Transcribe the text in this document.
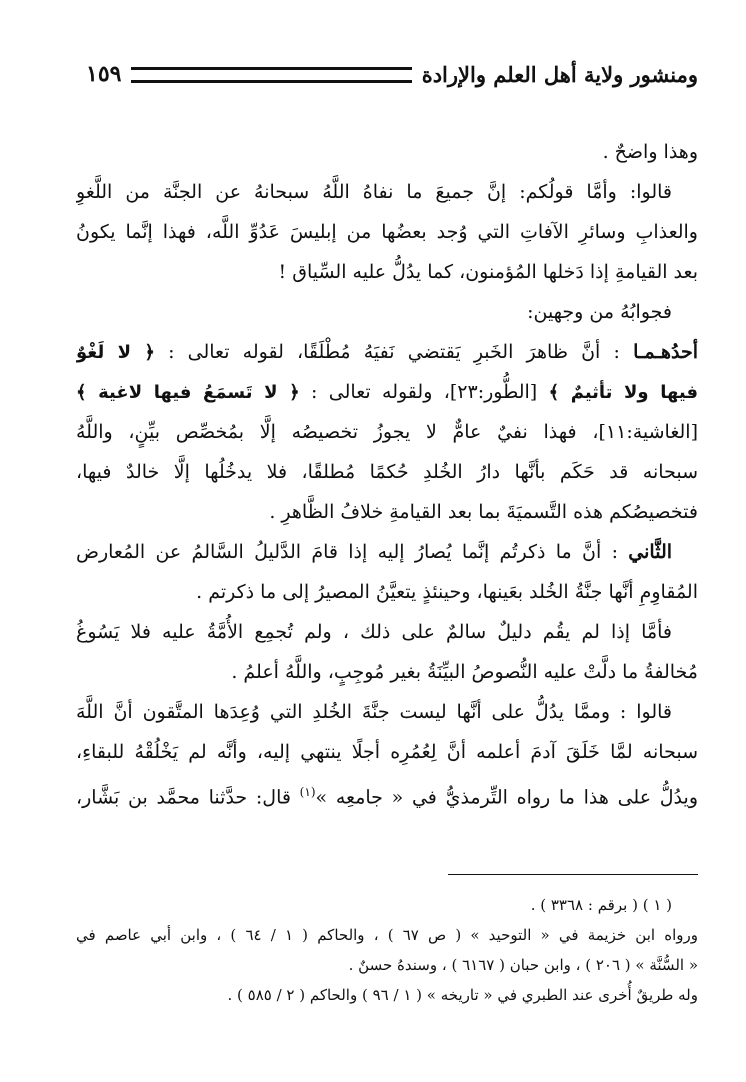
ومنشور ولاية أهل العلم والإرادة
١٥٩
وهذا واضحٌ .
قالوا: وأمَّا قولُكم: إنَّ جميعَ ما نفاهُ اللَّهُ سبحانهُ عن الجنَّة من اللَّغوِ
والعذابِ وسائرِ الآفاتِ التي وُجد بعضُها من إبليسَ عَدُوِّ اللَّه، فهذا إنَّما يكونُ
بعد القيامةِ إذا دَخلها المُؤمنون، كما يدُلُّ عليه السِّياق !
فجوابُهُ من وجهين:
أحدُهـمـا : أنَّ ظاهرَ الخَبرِ يَقتضي نَفيَهُ مُطْلَقًا، لقوله تعالى : ﴿ لا لَغْوٌ
فيها ولا تأثيمٌ ﴾ [الطُّور:٢٣]، ولقوله تعالى : ﴿ لا تَسمَعُ فيها لاغية ﴾
[الغاشية:١١]، فهذا نفيٌ عامٌّ لا يجوزُ تخصيصُه إلَّا بمُخصِّص بيِّنٍ، واللَّهُ
سبحانه قد حَكَم بأنَّها دارُ الخُلدِ حُكمًا مُطلقًا، فلا يدخُلُها إلَّا خالدٌ فيها،
فتخصيصُكم هذه التَّسميَةَ بما بعد القيامةِ خلافُ الظَّاهرِ .
الثَّاني : أنَّ ما ذكرتُم إنَّما يُصارُ إليه إذا قامَ الدَّليلُ السَّالمُ عن المُعارض
المُقاوِمِ أنَّها جنَّةُ الخُلد بعَينها، وحينئذٍ يتعيَّنُ المصيرُ إلى ما ذكرتم .
فأمَّا إذا لم يقُم دليلٌ سالمٌ على ذلك ، ولم تُجمِع الأُمَّةُ عليه فلا يَسُوغُ
مُخالفةُ ما دلَّتْ عليه النُّصوصُ البيِّنَةُ بغير مُوجِبٍ، واللَّهُ أعلمُ .
قالوا : وممَّا يدُلُّ على أنَّها ليست جنَّةَ الخُلدِ التي وُعِدَها المتَّقون أنَّ اللَّهَ
سبحانه لمَّا خَلَقَ آدمَ أعلمه أنَّ لِعُمُرِه أجلًا ينتهي إليه، وأنَّه لم يَخْلُقْهُ للبقاءِ،
ويدُلُّ على هذا ما رواه التِّرمذيُّ في « جامعِه »$^{(١)}$ قال: حدَّثنا محمَّد بن بَشَّار،
( ١ ) ( برقم : ٣٣٦٨ ) .
ورواه ابن خزيمة في « التوحيد » ( ص ٦٧ ) ، والحاكم ( ١ / ٦٤ ) ، وابن أبي عاصم في
« السُّنَّة » ( ٢٠٦ ) ، وابن حبان ( ٦١٦٧ ) ، وسندهُ حسنٌ .
وله طريقٌ أُخرى عند الطبري في « تاريخه » ( ١ / ٩٦ ) والحاكم ( ٢ / ٥٨٥ ) .
